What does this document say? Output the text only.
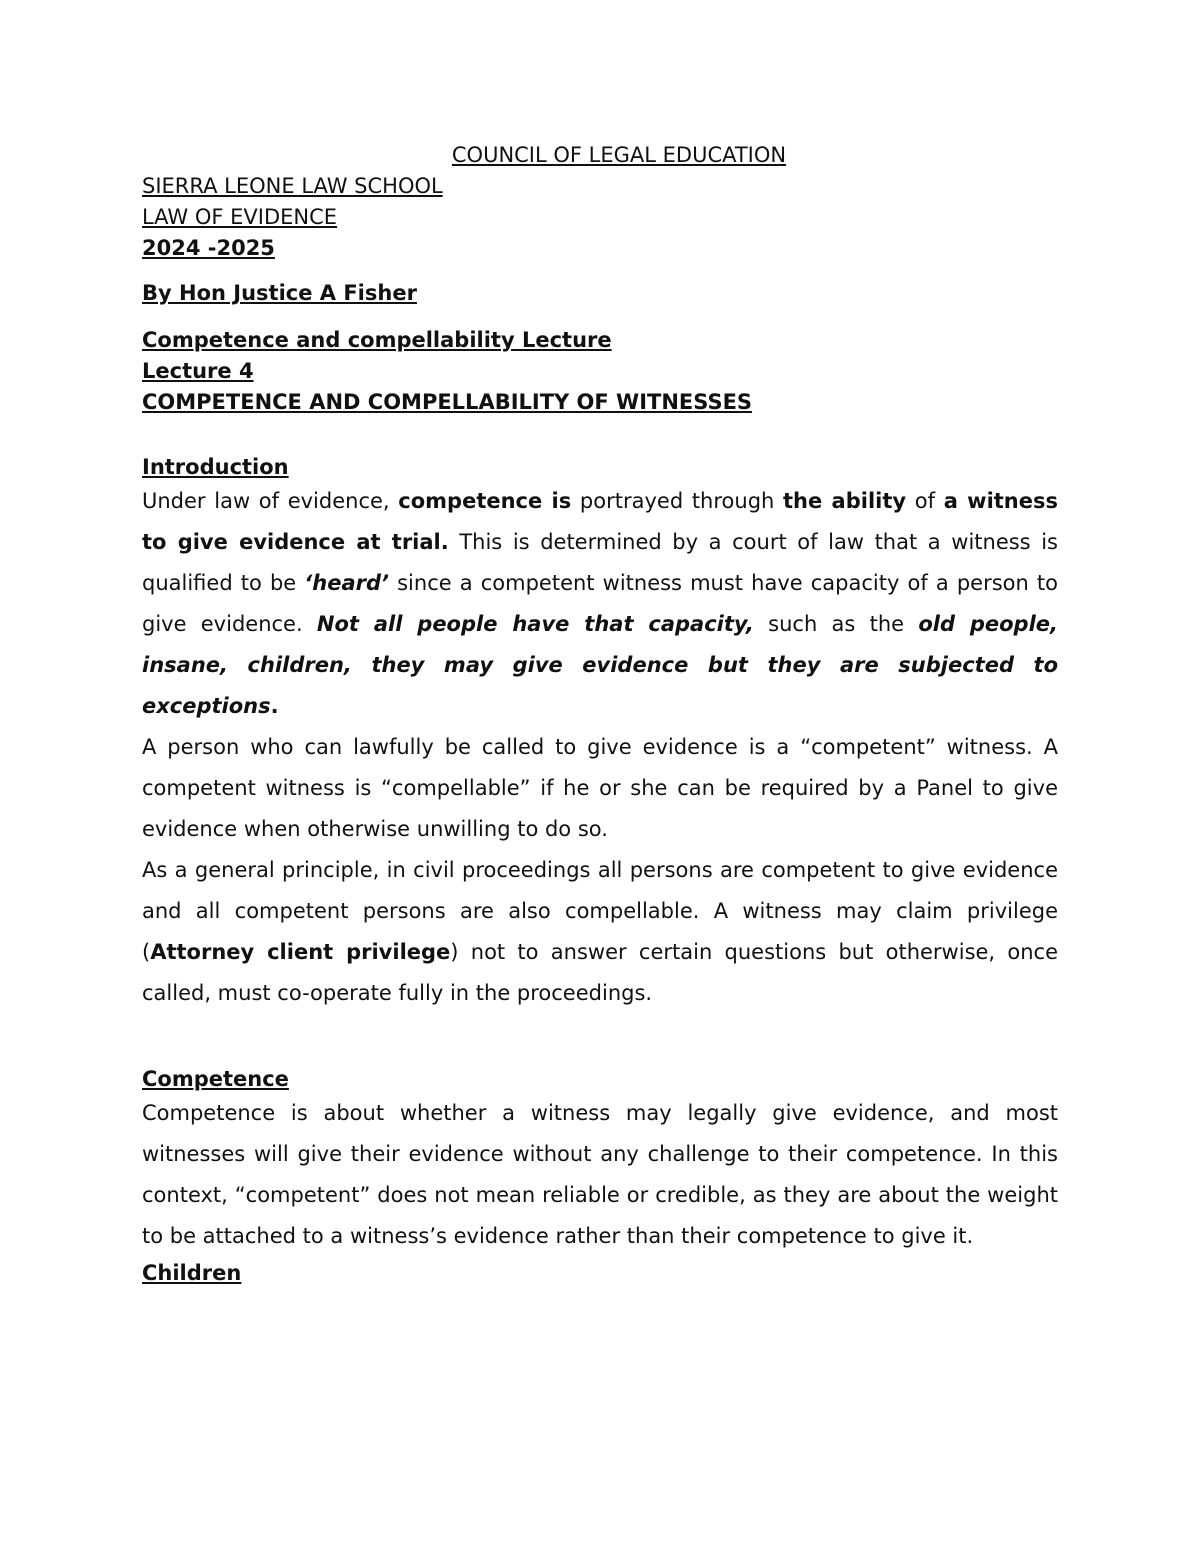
COUNCIL OF LEGAL EDUCATION
SIERRA LEONE LAW SCHOOL
LAW OF EVIDENCE
2024 -2025
By Hon Justice A Fisher
Competence and compellability Lecture
Lecture 4
COMPETENCE AND COMPELLABILITY OF WITNESSES
Introduction

Under law of evidence, competence is portrayed through the ability of a witness to give evidence at trial. This is determined by a court of law that a witness is qualified to be ‘heard’ since a competent witness must have capacity of a person to give evidence. Not all people have that capacity, such as the old people, insane, children, they may give evidence but they are subjected to exceptions.

A person who can lawfully be called to give evidence is a “competent” witness. A competent witness is “compellable” if he or she can be required by a Panel to give evidence when otherwise unwilling to do so.

As a general principle, in civil proceedings all persons are competent to give evidence and all competent persons are also compellable. A witness may claim privilege (Attorney client privilege) not to answer certain questions but otherwise, once called, must co-operate fully in the proceedings.

Competence

Competence is about whether a witness may legally give evidence, and most witnesses will give their evidence without any challenge to their competence. In this context, “competent” does not mean reliable or credible, as they are about the weight to be attached to a witness’s evidence rather than their competence to give it.

Children
